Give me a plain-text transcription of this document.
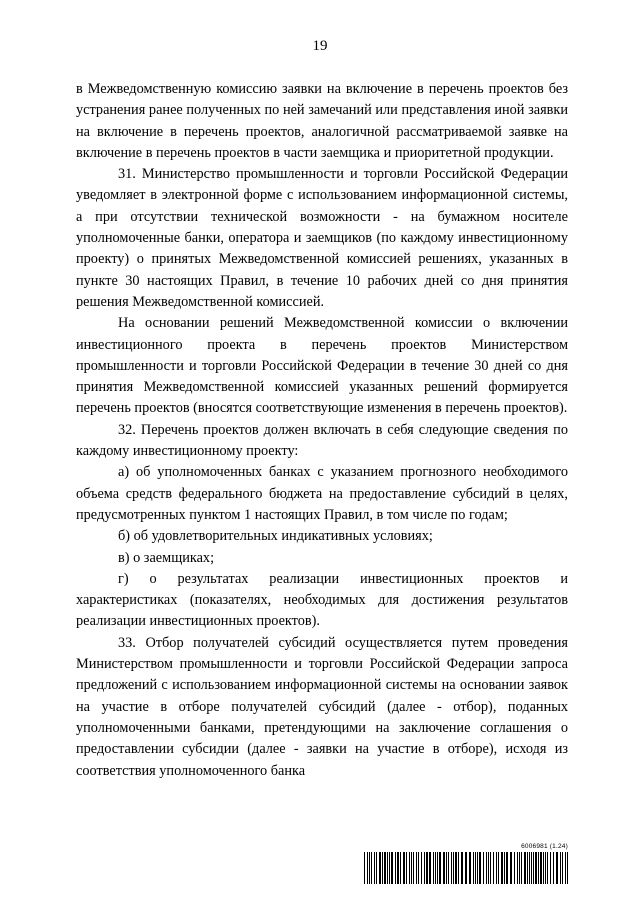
19

в Межведомственную комиссию заявки на включение в перечень проектов без устранения ранее полученных по ней замечаний или представления иной заявки на включение в перечень проектов, аналогичной рассматриваемой заявке на включение в перечень проектов в части заемщика и приоритетной продукции.

31. Министерство промышленности и торговли Российской Федерации уведомляет в электронной форме с использованием информационной системы, а при отсутствии технической возможности - на бумажном носителе уполномоченные банки, оператора и заемщиков (по каждому инвестиционному проекту) о принятых Межведомственной комиссией решениях, указанных в пункте 30 настоящих Правил, в течение 10 рабочих дней со дня принятия решения Межведомственной комиссией.

На основании решений Межведомственной комиссии о включении инвестиционного проекта в перечень проектов Министерством промышленности и торговли Российской Федерации в течение 30 дней со дня принятия Межведомственной комиссией указанных решений формируется перечень проектов (вносятся соответствующие изменения в перечень проектов).

32. Перечень проектов должен включать в себя следующие сведения по каждому инвестиционному проекту:

а) об уполномоченных банках с указанием прогнозного необходимого объема средств федерального бюджета на предоставление субсидий в целях, предусмотренных пунктом 1 настоящих Правил, в том числе по годам;

б) об удовлетворительных индикативных условиях;

в) о заемщиках;

г) о результатах реализации инвестиционных проектов и характеристиках (показателях, необходимых для достижения результатов реализации инвестиционных проектов).

33. Отбор получателей субсидий осуществляется путем проведения Министерством промышленности и торговли Российской Федерации запроса предложений с использованием информационной системы на основании заявок на участие в отборе получателей субсидий (далее - отбор), поданных уполномоченными банками, претендующими на заключение соглашения о предоставлении субсидии (далее - заявки на участие в отборе), исходя из соответствия уполномоченного банка

6006981 (1.24)
